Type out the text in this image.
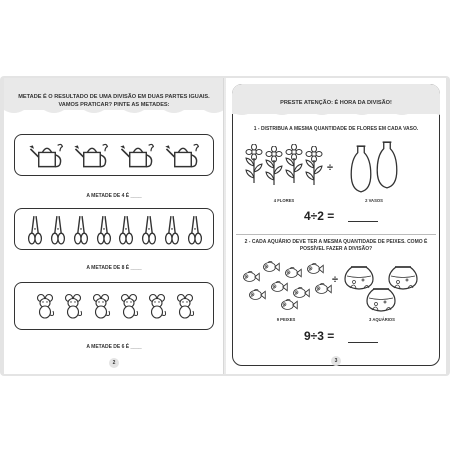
METADE É O RESULTADO DE UMA DIVISÃO EM DUAS PARTES IGUAIS. VAMOS PRATICAR? PINTE AS METADES:
A METADE DE 4 É ____
A METADE DE 8 É ____
A METADE DE 6 É ____
2
PRESTE ATENÇÃO: É HORA DA DIVISÃO!
1 - DISTRIBUA A MESMA QUANTIDADE DE FLORES EM CADA VASO.
4 FLORES
÷
2 VASOS
4÷2 =
2 - CADA AQUÁRIO DEVE TER A MESMA QUANTIDADE DE PEIXES. COMO É POSSÍVEL FAZER A DIVISÃO?
9 PEIXES
÷
3 AQUÁRIOS
9÷3 =
3
